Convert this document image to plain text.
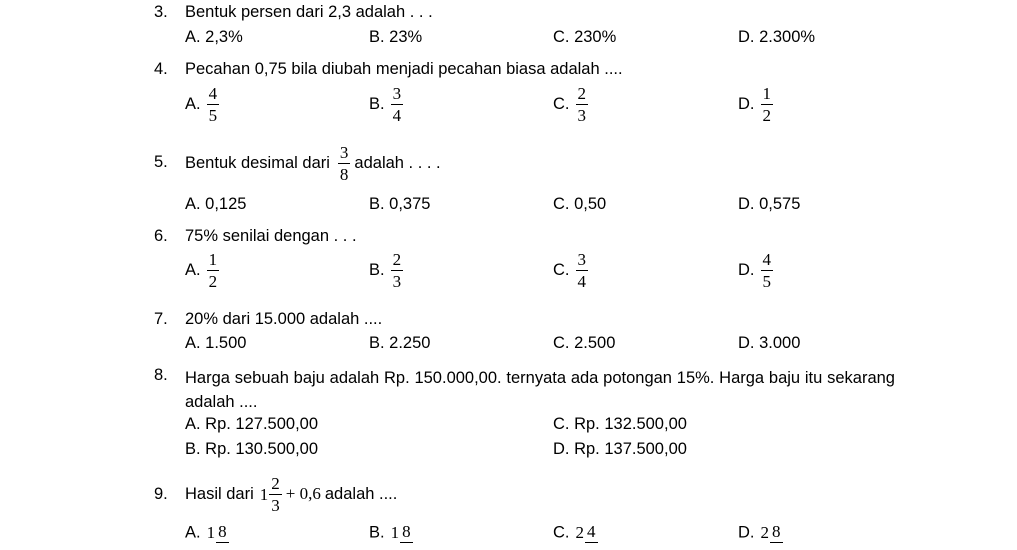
3. Bentuk persen dari 2,3 adalah . . .
A. 2,3%	B. 23%	C. 230%	D. 2.300%
4. Pecahan 0,75 bila diubah menjadi pecahan biasa adalah ....
A. $\frac{4}{5}$	B. $\frac{3}{4}$	C. $\frac{2}{3}$	D. $\frac{1}{2}$
5. Bentuk desimal dari $\frac{3}{8}$ adalah . . . .
A. 0,125	B. 0,375	C. 0,50	D. 0,575
6. 75% senilai dengan . . .
A. $\frac{1}{2}$	B. $\frac{2}{3}$	C. $\frac{3}{4}$	D. $\frac{4}{5}$
7. 20% dari 15.000 adalah ....
A. 1.500	B. 2.250	C. 2.500	D. 3.000
8. Harga sebuah baju adalah Rp. 150.000,00. ternyata ada potongan 15%. Harga baju itu sekarang adalah ....
A. Rp. 127.500,00	C. Rp. 132.500,00
B. Rp. 130.500,00	D. Rp. 137.500,00
9. Hasil dari $1 \frac{2}{3} + 0,6$ adalah ....
A. 1 8	B. 1 8	C. 2 4	D. 2 8
